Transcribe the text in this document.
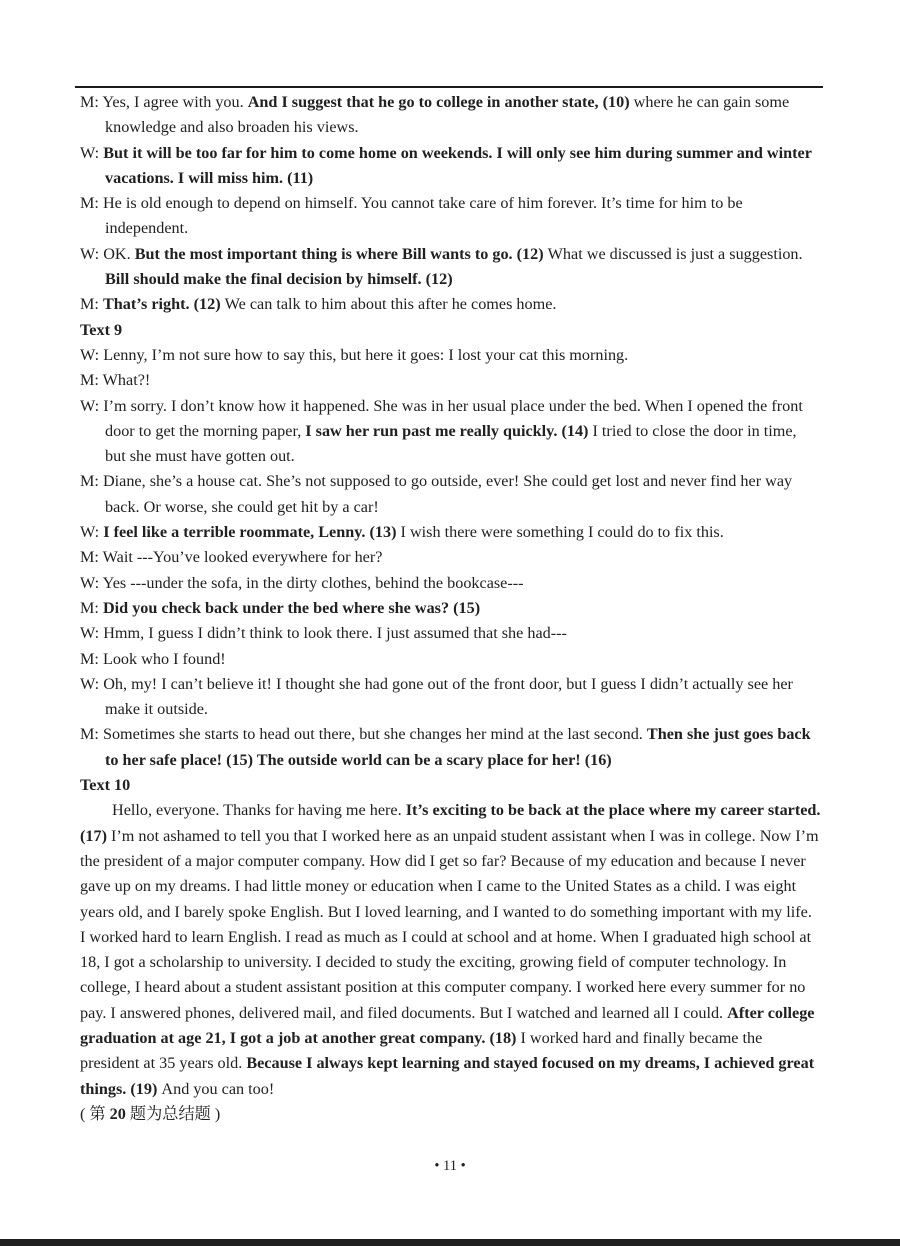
M: Yes, I agree with you. And I suggest that he go to college in another state, (10) where he can gain some knowledge and also broaden his views.

W: But it will be too far for him to come home on weekends. I will only see him during summer and winter vacations. I will miss him. (11)

M: He is old enough to depend on himself. You cannot take care of him forever. It’s time for him to be independent.

W: OK. But the most important thing is where Bill wants to go. (12) What we discussed is just a suggestion. Bill should make the final decision by himself. (12)

M: That’s right. (12) We can talk to him about this after he comes home.

Text 9

W: Lenny, I’m not sure how to say this, but here it goes: I lost your cat this morning.

M: What?!

W: I’m sorry. I don’t know how it happened. She was in her usual place under the bed. When I opened the front door to get the morning paper, I saw her run past me really quickly. (14) I tried to close the door in time, but she must have gotten out.

M: Diane, she’s a house cat. She’s not supposed to go outside, ever! She could get lost and never find her way back. Or worse, she could get hit by a car!

W: I feel like a terrible roommate, Lenny. (13) I wish there were something I could do to fix this.

M: Wait ---You’ve looked everywhere for her?

W: Yes ---under the sofa, in the dirty clothes, behind the bookcase---

M: Did you check back under the bed where she was? (15)

W: Hmm, I guess I didn’t think to look there. I just assumed that she had---

M: Look who I found!

W: Oh, my! I can’t believe it! I thought she had gone out of the front door, but I guess I didn’t actually see her make it outside.

M: Sometimes she starts to head out there, but she changes her mind at the last second. Then she just goes back to her safe place! (15) The outside world can be a scary place for her! (16)

Text 10

Hello, everyone. Thanks for having me here. It’s exciting to be back at the place where my career started. (17) I’m not ashamed to tell you that I worked here as an unpaid student assistant when I was in college. Now I’m the president of a major computer company. How did I get so far? Because of my education and because I never gave up on my dreams. I had little money or education when I came to the United States as a child. I was eight years old, and I barely spoke English. But I loved learning, and I wanted to do something important with my life. I worked hard to learn English. I read as much as I could at school and at home. When I graduated high school at 18, I got a scholarship to university. I decided to study the exciting, growing field of computer technology. In college, I heard about a student assistant position at this computer company. I worked here every summer for no pay. I answered phones, delivered mail, and filed documents. But I watched and learned all I could. After college graduation at age 21, I got a job at another great company. (18) I worked hard and finally became the president at 35 years old. Because I always kept learning and stayed focused on my dreams, I achieved great things. (19) And you can too!

( 第 20 题为总结题 )

• 11 •
